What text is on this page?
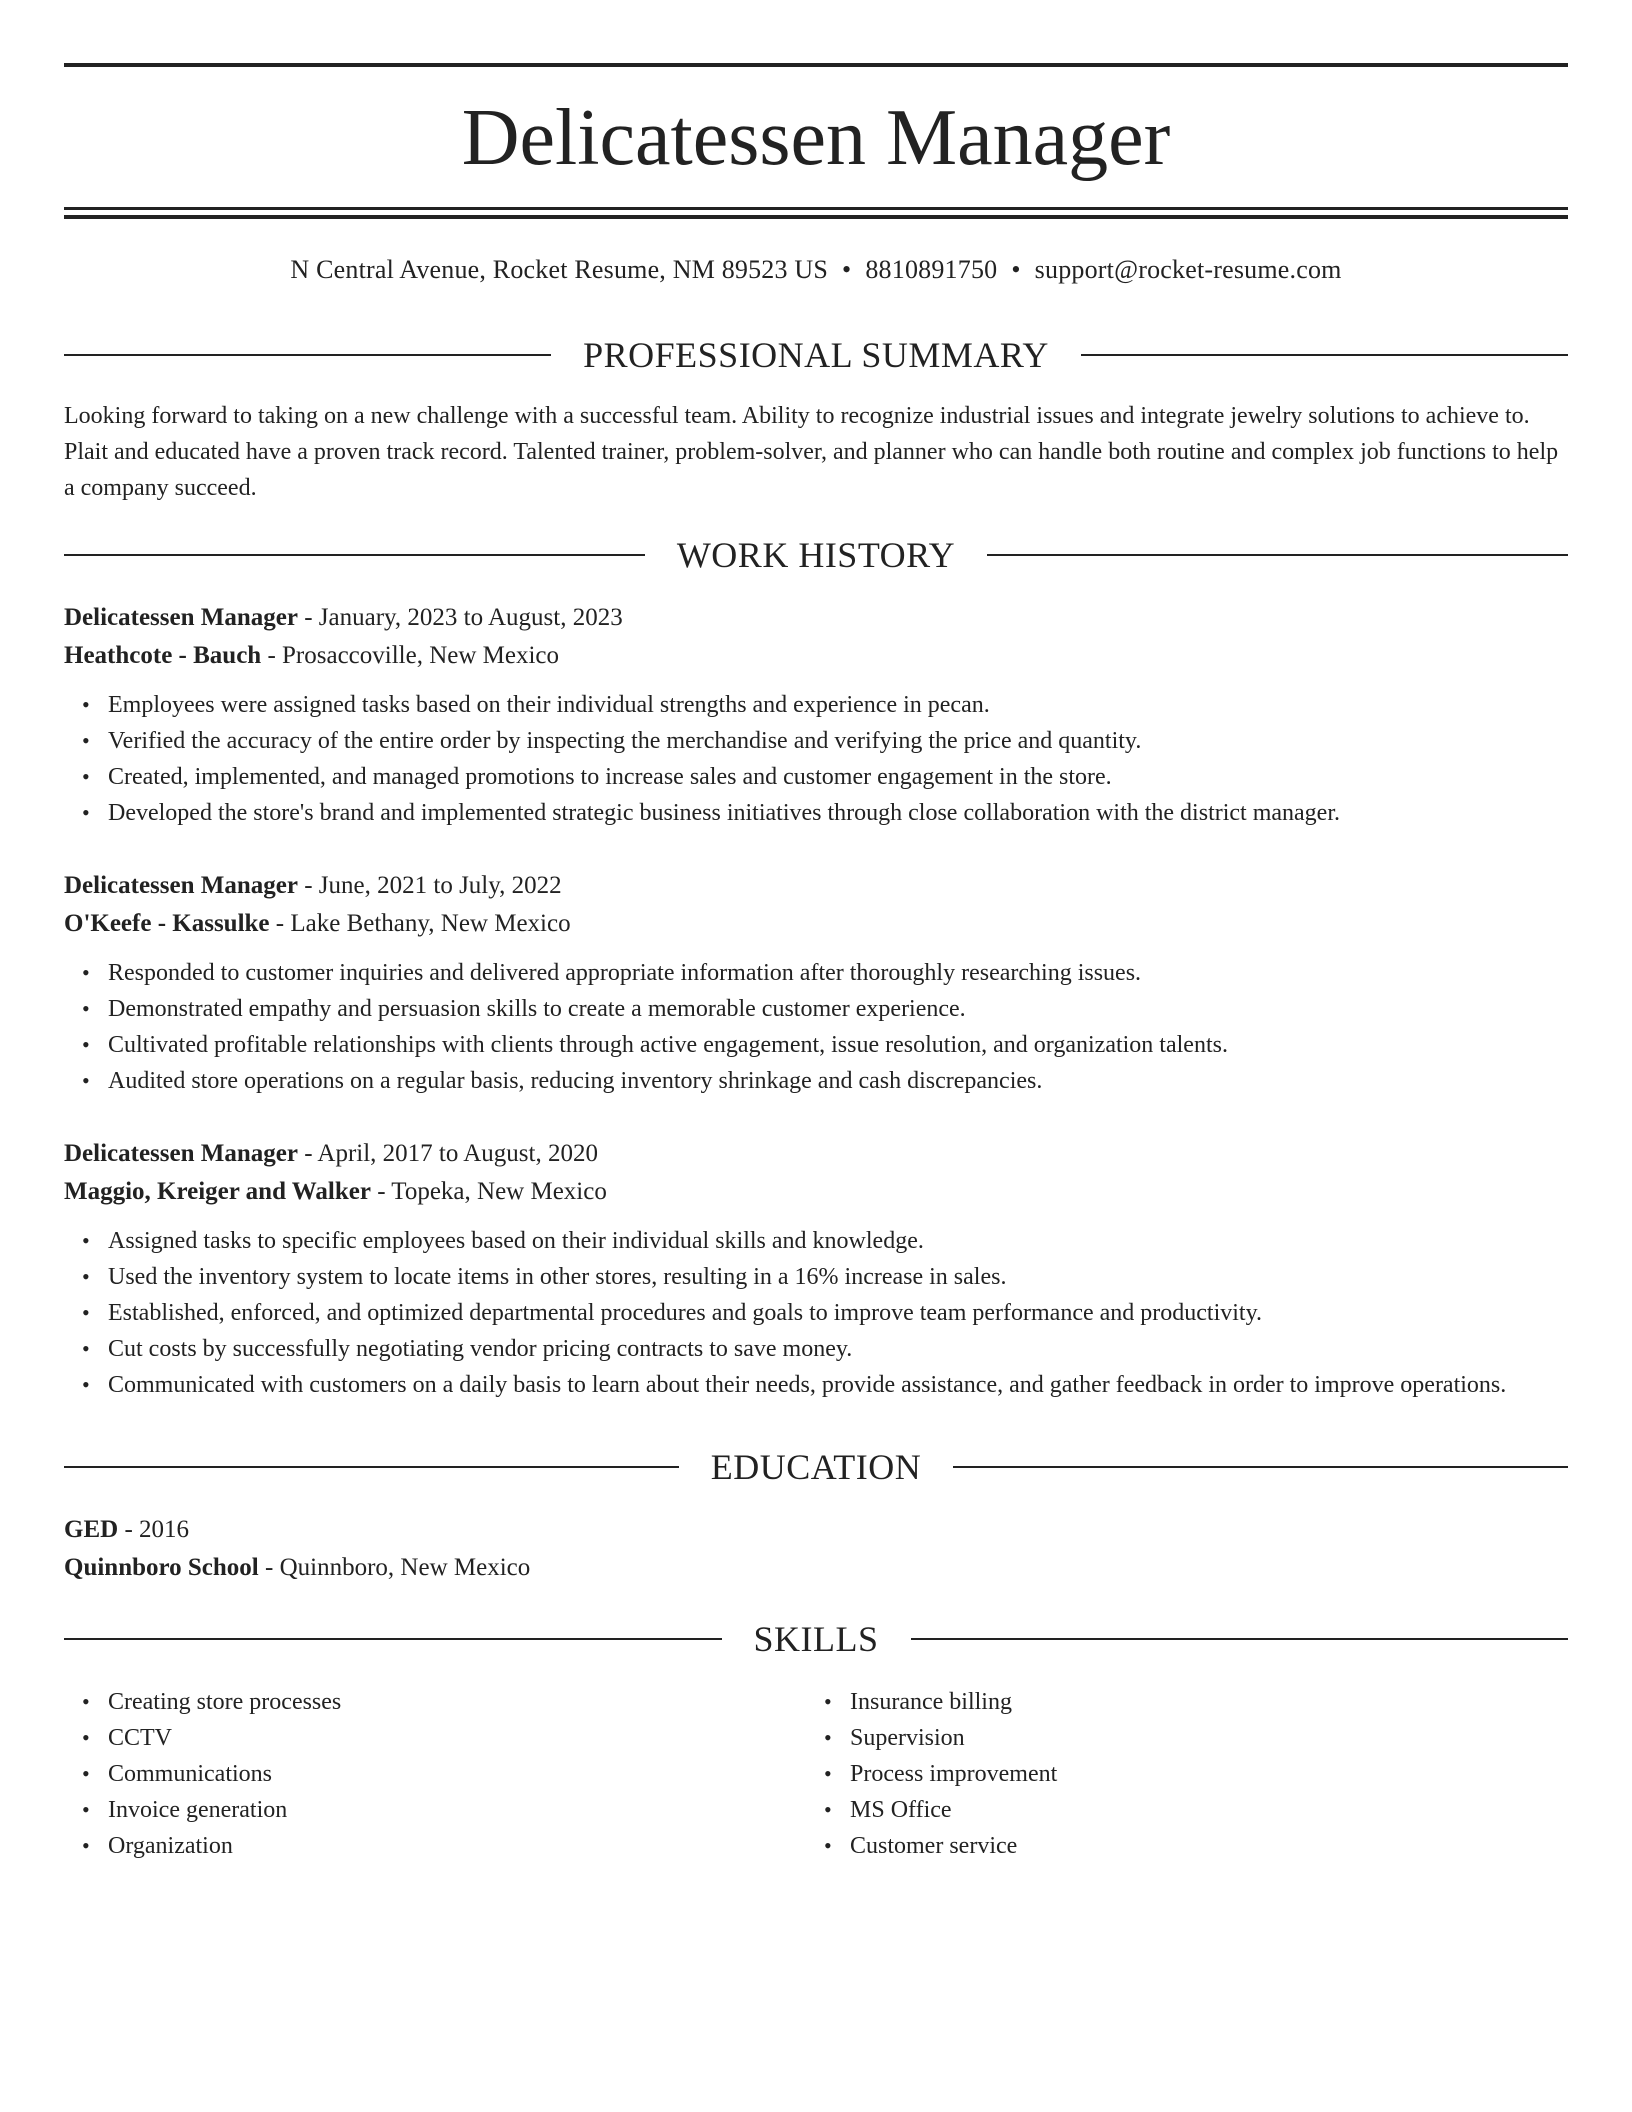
Delicatessen Manager
N Central Avenue, Rocket Resume, NM 89523 US • 8810891750 • support@rocket-resume.com
PROFESSIONAL SUMMARY

Looking forward to taking on a new challenge with a successful team. Ability to recognize industrial issues and integrate jewelry solutions to achieve to. Plait and educated have a proven track record. Talented trainer, problem-solver, and planner who can handle both routine and complex job functions to help a company succeed.

WORK HISTORY
Delicatessen Manager - January, 2023 to August, 2023
Heathcote - Bauch - Prosaccoville, New Mexico
• Employees were assigned tasks based on their individual strengths and experience in pecan.
• Verified the accuracy of the entire order by inspecting the merchandise and verifying the price and quantity.
• Created, implemented, and managed promotions to increase sales and customer engagement in the store.
• Developed the store's brand and implemented strategic business initiatives through close collaboration with the district manager.
Delicatessen Manager - June, 2021 to July, 2022
O'Keefe - Kassulke - Lake Bethany, New Mexico
• Responded to customer inquiries and delivered appropriate information after thoroughly researching issues.
• Demonstrated empathy and persuasion skills to create a memorable customer experience.
• Cultivated profitable relationships with clients through active engagement, issue resolution, and organization talents.
• Audited store operations on a regular basis, reducing inventory shrinkage and cash discrepancies.
Delicatessen Manager - April, 2017 to August, 2020
Maggio, Kreiger and Walker - Topeka, New Mexico
• Assigned tasks to specific employees based on their individual skills and knowledge.
• Used the inventory system to locate items in other stores, resulting in a 16% increase in sales.
• Established, enforced, and optimized departmental procedures and goals to improve team performance and productivity.
• Cut costs by successfully negotiating vendor pricing contracts to save money.
• Communicated with customers on a daily basis to learn about their needs, provide assistance, and gather feedback in order to improve operations.
EDUCATION
GED - 2016
Quinnboro School - Quinnboro, New Mexico
SKILLS
• Creating store processes
• CCTV
• Communications
• Invoice generation
• Organization
• Insurance billing
• Supervision
• Process improvement
• MS Office
• Customer service
